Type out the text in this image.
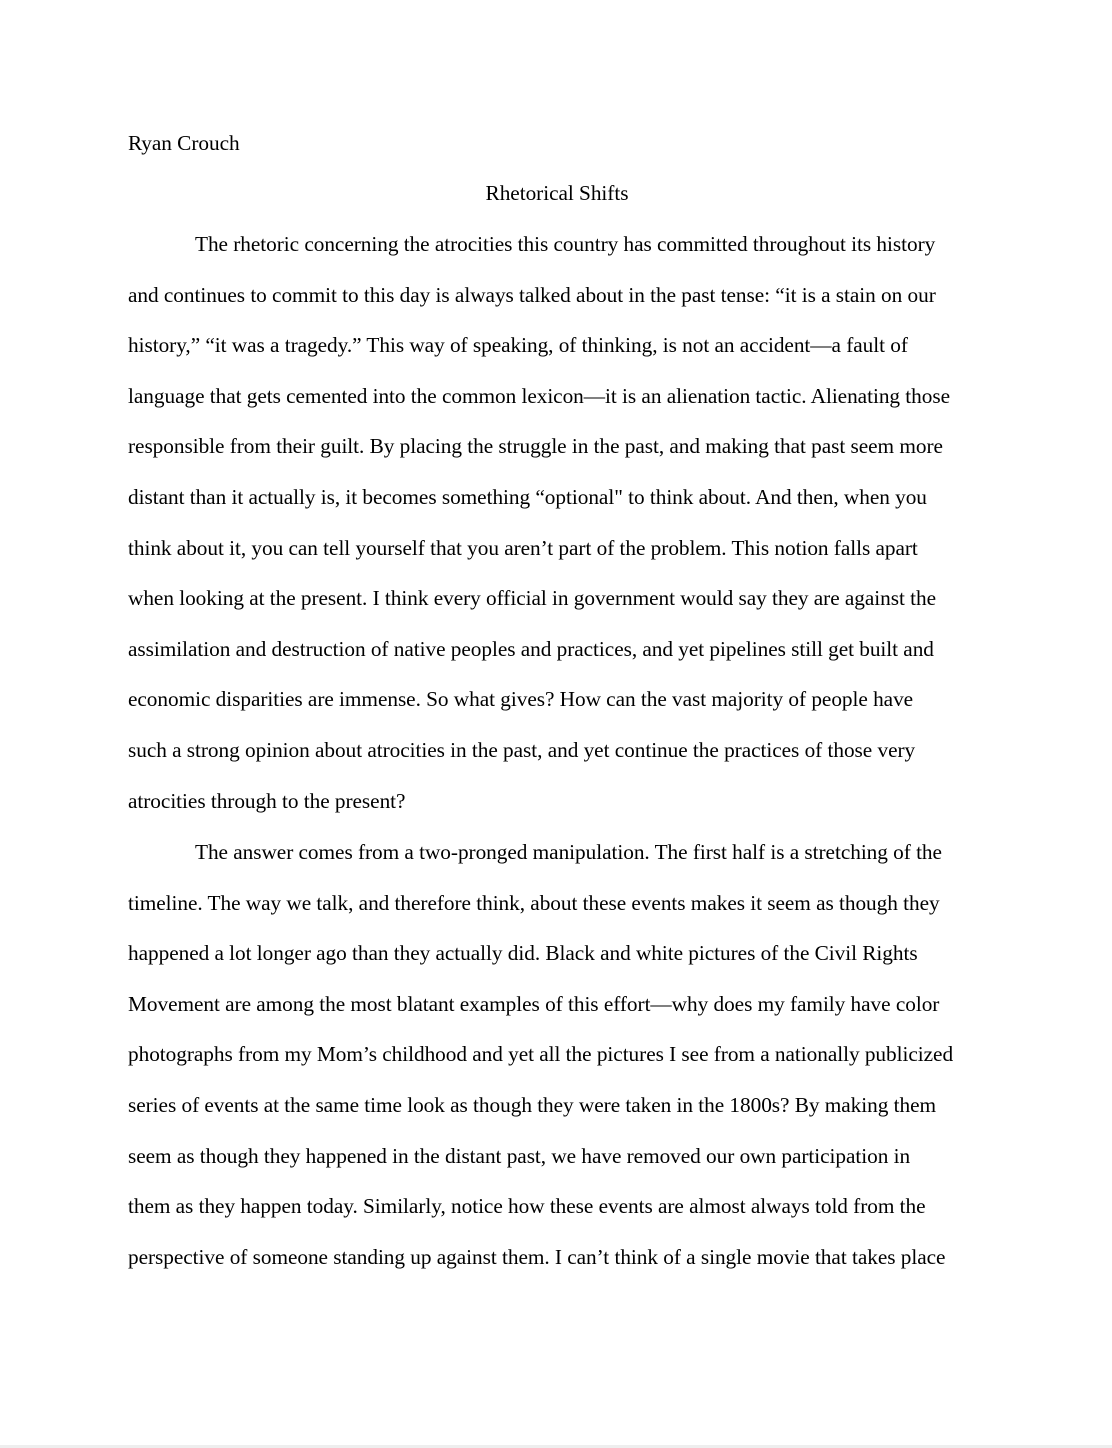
Ryan Crouch

Rhetorical Shifts
The rhetoric concerning the atrocities this country has committed throughout its history
and continues to commit to this day is always talked about in the past tense: “it is a stain on our
history,” “it was a tragedy.” This way of speaking, of thinking, is not an accident—a fault of
language that gets cemented into the common lexicon—it is an alienation tactic. Alienating those
responsible from their guilt. By placing the struggle in the past, and making that past seem more
distant than it actually is, it becomes something “optional" to think about. And then, when you
think about it, you can tell yourself that you aren’t part of the problem. This notion falls apart
when looking at the present. I think every official in government would say they are against the
assimilation and destruction of native peoples and practices, and yet pipelines still get built and
economic disparities are immense. So what gives? How can the vast majority of people have
such a strong opinion about atrocities in the past, and yet continue the practices of those very
atrocities through to the present?
The answer comes from a two-pronged manipulation. The first half is a stretching of the
timeline. The way we talk, and therefore think, about these events makes it seem as though they
happened a lot longer ago than they actually did. Black and white pictures of the Civil Rights
Movement are among the most blatant examples of this effort—why does my family have color
photographs from my Mom’s childhood and yet all the pictures I see from a nationally publicized
series of events at the same time look as though they were taken in the 1800s? By making them
seem as though they happened in the distant past, we have removed our own participation in
them as they happen today. Similarly, notice how these events are almost always told from the
perspective of someone standing up against them. I can’t think of a single movie that takes place
